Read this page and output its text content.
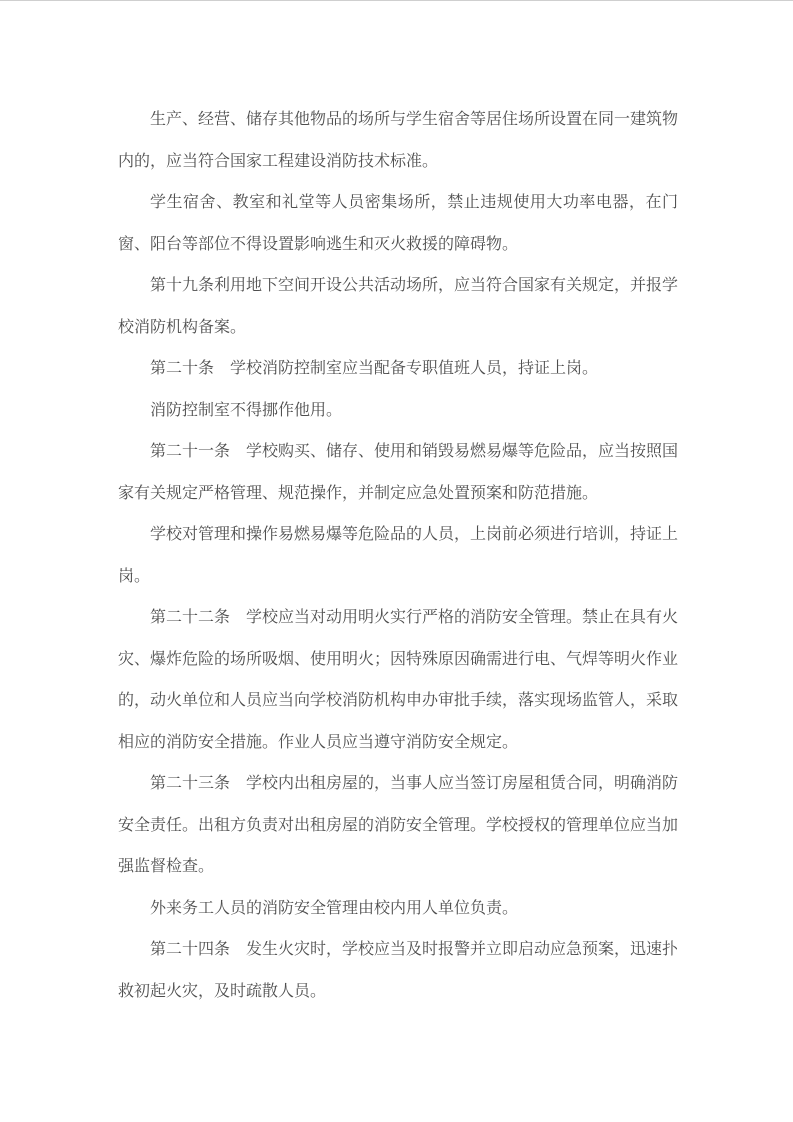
生产、经营、储存其他物品的场所与学生宿舍等居住场所设置在同一建筑物内的，应当符合国家工程建设消防技术标准。

学生宿舍、教室和礼堂等人员密集场所，禁止违规使用大功率电器，在门窗、阳台等部位不得设置影响逃生和灭火救援的障碍物。

第十九条利用地下空间开设公共活动场所，应当符合国家有关规定，并报学校消防机构备案。

第二十条　学校消防控制室应当配备专职值班人员，持证上岗。

消防控制室不得挪作他用。

第二十一条　学校购买、储存、使用和销毁易燃易爆等危险品，应当按照国家有关规定严格管理、规范操作，并制定应急处置预案和防范措施。

学校对管理和操作易燃易爆等危险品的人员，上岗前必须进行培训，持证上岗。

第二十二条　学校应当对动用明火实行严格的消防安全管理。禁止在具有火灾、爆炸危险的场所吸烟、使用明火；因特殊原因确需进行电、气焊等明火作业的，动火单位和人员应当向学校消防机构申办审批手续，落实现场监管人，采取相应的消防安全措施。作业人员应当遵守消防安全规定。

第二十三条　学校内出租房屋的，当事人应当签订房屋租赁合同，明确消防安全责任。出租方负责对出租房屋的消防安全管理。学校授权的管理单位应当加强监督检查。

外来务工人员的消防安全管理由校内用人单位负责。

第二十四条　发生火灾时，学校应当及时报警并立即启动应急预案，迅速扑救初起火灾，及时疏散人员。
